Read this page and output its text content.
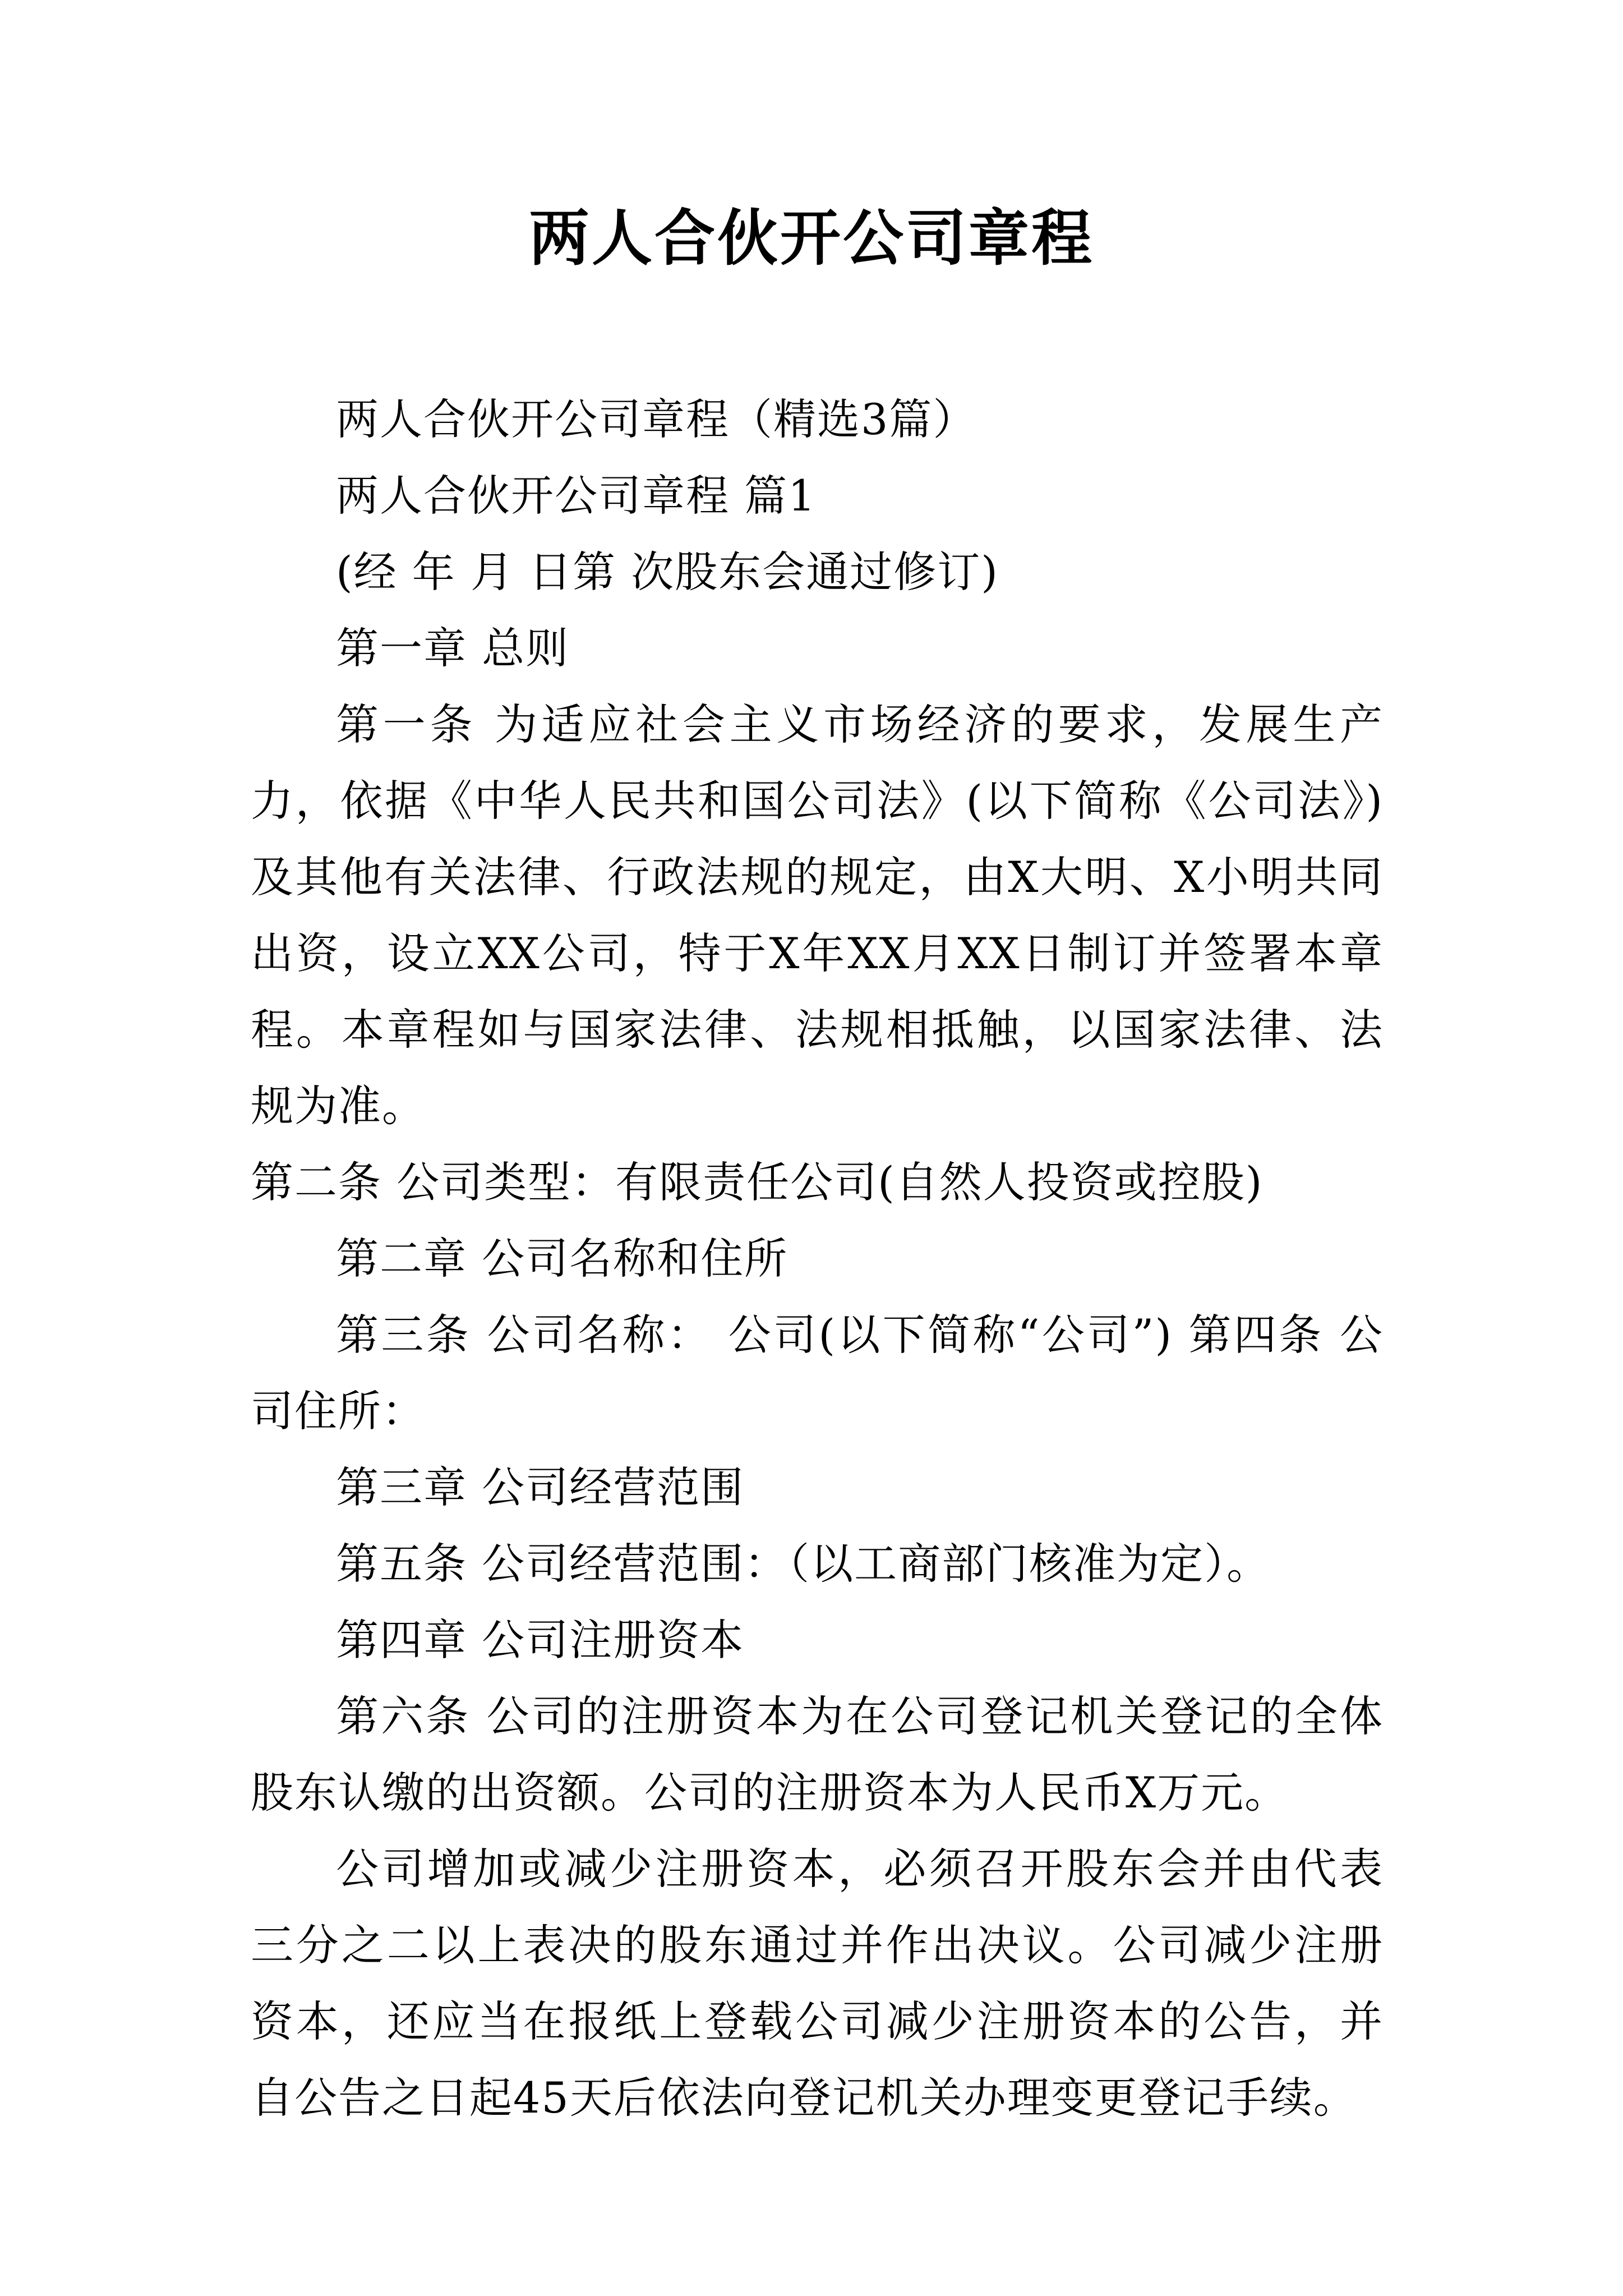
两人合伙开公司章程

两人合伙开公司章程（精选3篇）

两人合伙开公司章程 篇1

(经 年 月 日第 次股东会通过修订)

第一章 总则

第一条 为适应社会主义市场经济的要求，发展生产力，依据《中华人民共和国公司法》(以下简称《公司法》)及其他有关法律、行政法规的规定，由X大明、X小明共同出资，设立XX公司，特于X年XX月XX日制订并签署本章程。本章程如与国家法律、法规相抵触，以国家法律、法规为准。

第二条 公司类型：有限责任公司(自然人投资或控股)

第二章 公司名称和住所

第三条 公司名称： 公司(以下简称“公司”) 第四条 公司住所：

第三章 公司经营范围

第五条 公司经营范围：（以工商部门核准为定）。

第四章 公司注册资本

第六条 公司的注册资本为在公司登记机关登记的全体股东认缴的出资额。公司的注册资本为人民币X万元。

公司增加或减少注册资本，必须召开股东会并由代表三分之二以上表决的股东通过并作出决议。公司减少注册资本，还应当在报纸上登载公司减少注册资本的公告，并自公告之日起45天后依法向登记机关办理变更登记手续。
